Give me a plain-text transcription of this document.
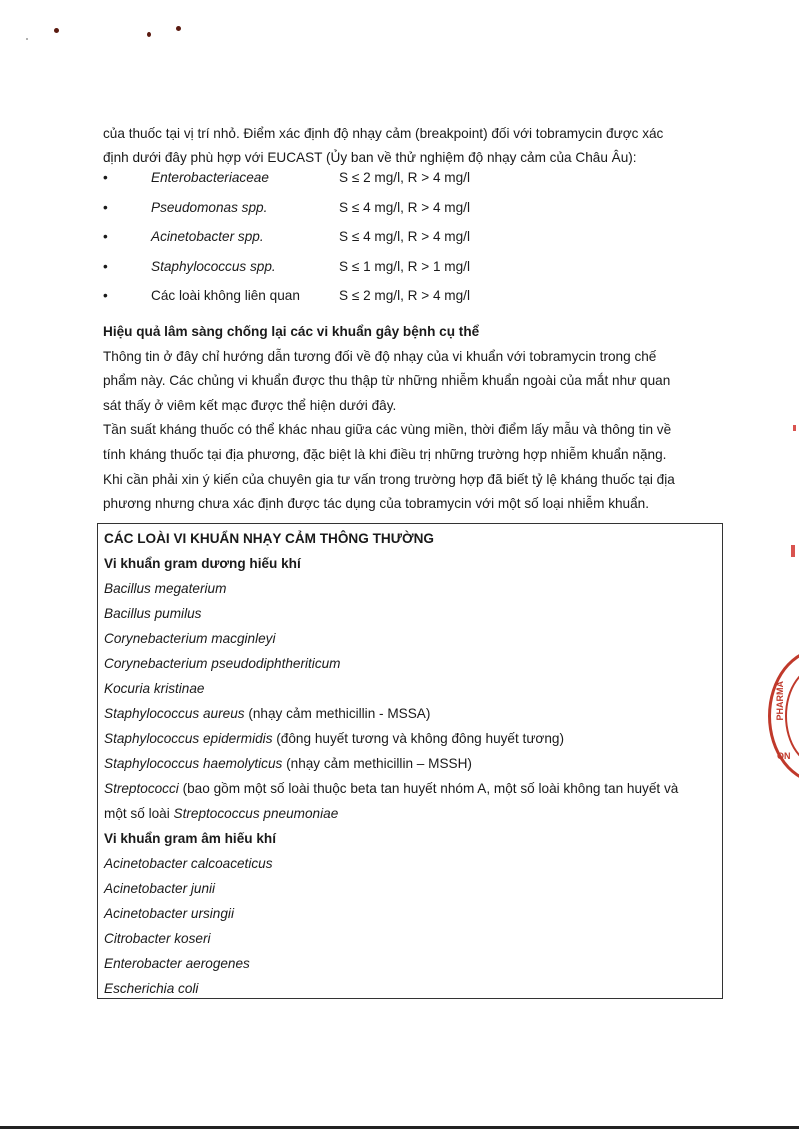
của thuốc tại vị trí nhỏ. Điểm xác định độ nhạy cảm (breakpoint) đối với tobramycin được xác

định dưới đây phù hợp với EUCAST (Ủy ban về thử nghiệm độ nhạy cảm của Châu Âu):

•	Enterobacteriaceae	S ≤ 2 mg/l, R > 4 mg/l
•	Pseudomonas spp.	S ≤ 4 mg/l, R > 4 mg/l
•	Acinetobacter spp.	S ≤ 4 mg/l, R > 4 mg/l
•	Staphylococcus spp.	S ≤ 1 mg/l, R > 1 mg/l
•	Các loài không liên quan	S ≤ 2 mg/l, R > 4 mg/l

Hiệu quả lâm sàng chống lại các vi khuẩn gây bệnh cụ thể

Thông tin ở đây chỉ hướng dẫn tương đối về độ nhạy của vi khuẩn với tobramycin trong chế

phẩm này. Các chủng vi khuẩn được thu thập từ những nhiễm khuẩn ngoài của mắt như quan

sát thấy ở viêm kết mạc được thể hiện dưới đây.

Tần suất kháng thuốc có thể khác nhau giữa các vùng miền, thời điểm lấy mẫu và thông tin về

tính kháng thuốc tại địa phương, đặc biệt là khi điều trị những trường hợp nhiễm khuẩn nặng.

Khi cần phải xin ý kiến của chuyên gia tư vấn trong trường hợp đã biết tỷ lệ kháng thuốc tại địa

phương nhưng chưa xác định được tác dụng của tobramycin với một số loại nhiễm khuẩn.

CÁC LOÀI VI KHUẨN NHẠY CẢM THÔNG THƯỜNG

Vi khuẩn gram dương hiếu khí

Bacillus megaterium

Bacillus pumilus

Corynebacterium macginleyi

Corynebacterium pseudodiphtheriticum

Kocuria kristinae

Staphylococcus aureus (nhạy cảm methicillin - MSSA)

Staphylococcus epidermidis (đông huyết tương và không đông huyết tương)

Staphylococcus haemolyticus (nhạy cảm methicillin – MSSH)

Streptococci (bao gồm một số loài thuộc beta tan huyết nhóm A, một số loài không tan huyết và

một số loài Streptococcus pneumoniae

Vi khuẩn gram âm hiếu khí

Acinetobacter calcoaceticus

Acinetobacter junii

Acinetobacter ursingii

Citrobacter koseri

Enterobacter aerogenes

Escherichia coli

PHARMA
ON
